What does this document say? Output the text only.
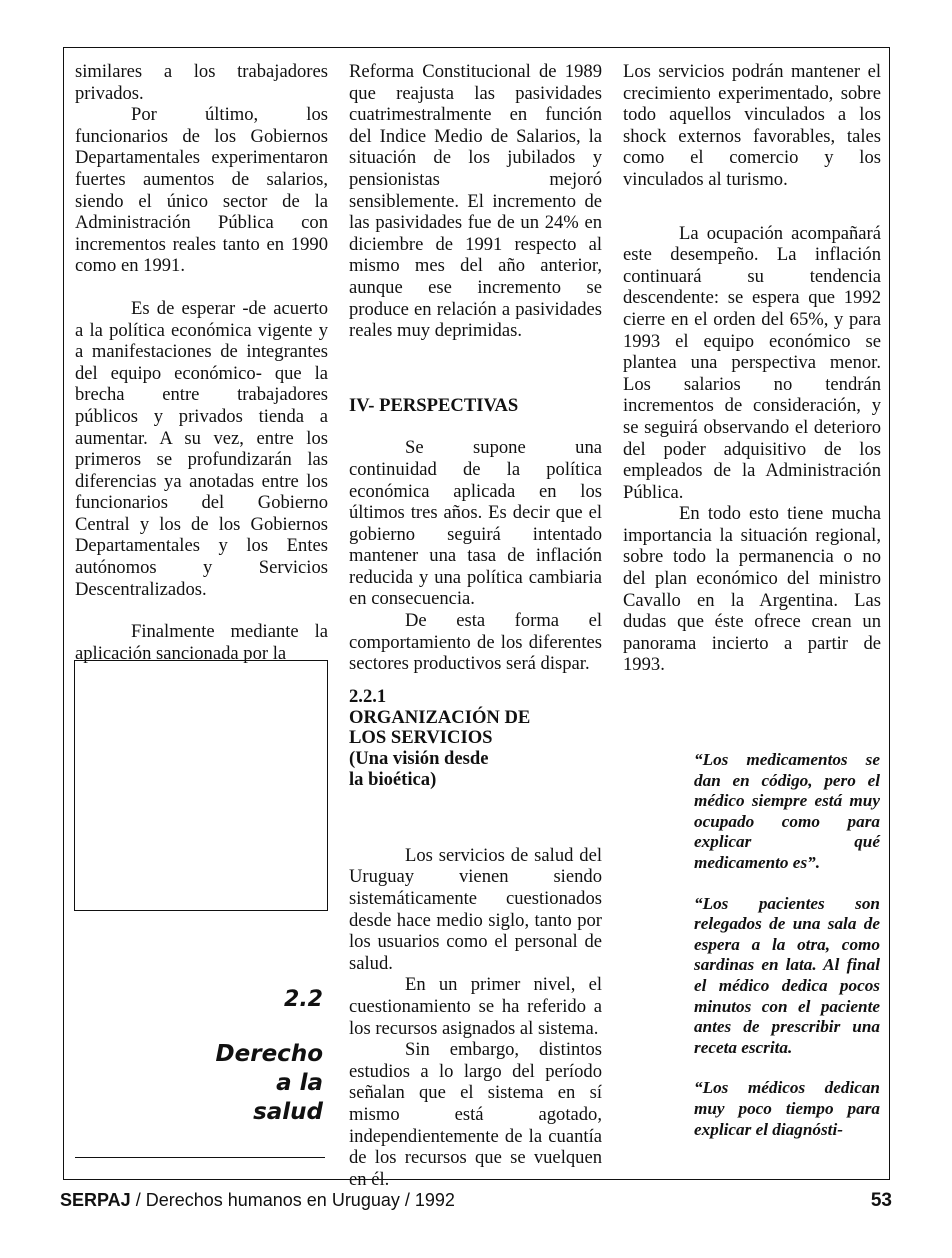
similares a los trabajadores privados.

Por último, los funcionarios de los Gobiernos Departamentales experimentaron fuertes aumentos de salarios, siendo el único sector de la Administración Pública con incrementos reales tanto en 1990 como en 1991.

Es de esperar -de acuerto a la política económica vigente y a manifestaciones de integrantes del equipo económico- que la brecha entre trabajadores públicos y privados tienda a aumentar. A su vez, entre los primeros se profundizarán las diferencias ya anotadas entre los funcionarios del Gobierno Central y los de los Gobiernos Departamentales y los Entes autónomos y Servicios Descentralizados.

Finalmente mediante la aplicación sancionada por la

2.2
Derecho
a la
salud

Reforma Constitucional de 1989 que reajusta las pasividades cuatrimestralmente en función del Indice Medio de Salarios, la situación de los jubilados y pensionistas mejoró sensiblemente. El incremento de las pasividades fue de un 24% en diciembre de 1991 respecto al mismo mes del año anterior, aunque ese incremento se produce en relación a pasividades reales muy deprimidas.

IV- PERSPECTIVAS

Se supone una continuidad de la política económica aplicada en los últimos tres años. Es decir que el gobierno seguirá intentado mantener una tasa de inflación reducida y una política cambiaria en consecuencia.

De esta forma el comportamiento de los diferentes sectores productivos será dispar.

2.2.1

ORGANIZACIÓN DE

LOS SERVICIOS

(Una visión desde

la bioética)

Los servicios de salud del Uruguay vienen siendo sistemáticamente cuestionados desde hace medio siglo, tanto por los usuarios como el personal de salud.

En un primer nivel, el cuestionamiento se ha referido a los recursos asignados al sistema.

Sin embargo, distintos estudios a lo largo del período señalan que el sistema en sí mismo está agotado, independientemente de la cuantía de los recursos que se vuelquen en él.

Los servicios podrán mantener el crecimiento experimentado, sobre todo aquellos vinculados a los shock externos favorables, tales como el comercio y los vinculados al turismo.

La ocupación acompañará este desempeño. La inflación continuará su tendencia descendente: se espera que 1992 cierre en el orden del 65%, y para 1993 el equipo económico se plantea una perspectiva menor. Los salarios no tendrán incrementos de consideración, y se seguirá observando el deterioro del poder adquisitivo de los empleados de la Administración Pública.

En todo esto tiene mucha importancia la situación regional, sobre todo la permanencia o no del plan económico del ministro Cavallo en la Argentina. Las dudas que éste ofrece crean un panorama incierto a partir de 1993.

“Los medicamentos se dan en código, pero el médico siempre está muy ocupado como para explicar qué medicamento es”.

“Los pacientes son relegados de una sala de espera a la otra, como sardinas en lata. Al final el médico dedica pocos minutos con el paciente antes de prescribir una receta escrita.

“Los médicos dedican muy poco tiempo para explicar el diagnósti-

SERPAJ / Derechos humanos en Uruguay / 1992	53
